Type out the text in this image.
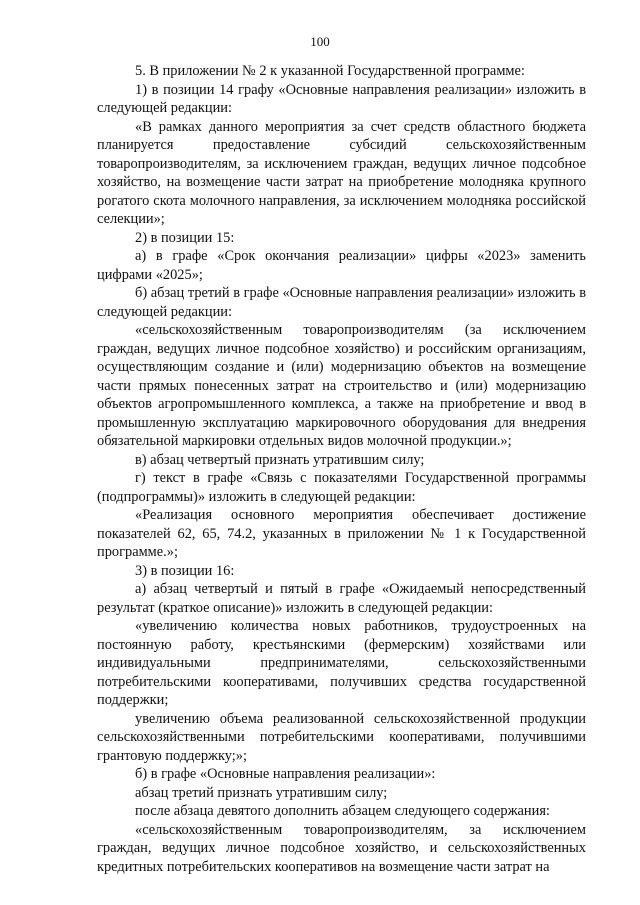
100

5. В приложении № 2 к указанной Государственной программе:

1) в позиции 14 графу «Основные направления реализации» изложить в следующей редакции:

«В рамках данного мероприятия за счет средств областного бюджета планируется предоставление субсидий сельскохозяйственным товаропроизводителям, за исключением граждан, ведущих личное подсобное хозяйство, на возмещение части затрат на приобретение молодняка крупного рогатого скота молочного направления, за исключением молодняка российской селекции»;

2) в позиции 15:

а) в графе «Срок окончания реализации» цифры «2023» заменить цифрами «2025»;

б) абзац третий в графе «Основные направления реализации» изложить в следующей редакции:

«сельскохозяйственным товаропроизводителям (за исключением граждан, ведущих личное подсобное хозяйство) и российским организациям, осуществляющим создание и (или) модернизацию объектов на возмещение части прямых понесенных затрат на строительство и (или) модернизацию объектов агропромышленного комплекса, а также на приобретение и ввод в промышленную эксплуатацию маркировочного оборудования для внедрения обязательной маркировки отдельных видов молочной продукции.»;

в) абзац четвертый признать утратившим силу;

г) текст в графе «Связь с показателями Государственной программы (подпрограммы)» изложить в следующей редакции:

«Реализация основного мероприятия обеспечивает достижение показателей 62, 65, 74.2, указанных в приложении № 1 к Государственной программе.»;

3) в позиции 16:

а) абзац четвертый и пятый в графе «Ожидаемый непосредственный результат (краткое описание)» изложить в следующей редакции:

«увеличению количества новых работников, трудоустроенных на постоянную работу, крестьянскими (фермерским) хозяйствами или индивидуальными предпринимателями, сельскохозяйственными потребительскими кооперативами, получивших средства государственной поддержки;

увеличению объема реализованной сельскохозяйственной продукции сельскохозяйственными потребительскими кооперативами, получившими грантовую поддержку;»;

б) в графе «Основные направления реализации»:

абзац третий признать утратившим силу;

после абзаца девятого дополнить абзацем следующего содержания:

«сельскохозяйственным товаропроизводителям, за исключением граждан, ведущих личное подсобное хозяйство, и сельскохозяйственных кредитных потребительских кооперативов на возмещение части затрат на
